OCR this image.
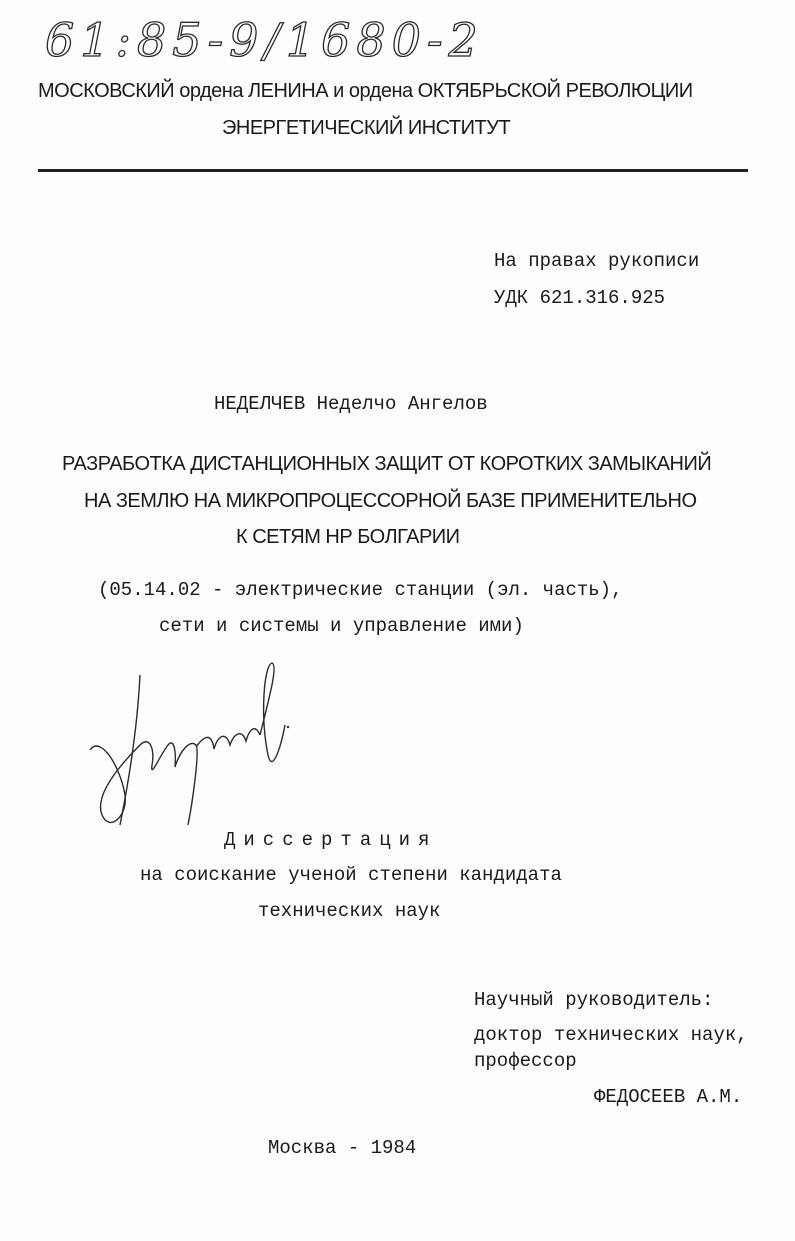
61:85-9/1680-2
МОСКОВСКИЙ ордена ЛЕНИНА и ордена ОКТЯБРЬСКОЙ РЕВОЛЮЦИИ
ЭНЕРГЕТИЧЕСКИЙ ИНСТИТУТ
На правах рукописи
УДК 621.316.925
НЕДЕЛЧЕВ Неделчо Ангелов
РАЗРАБОТКА ДИСТАНЦИОННЫХ ЗАЩИТ ОТ КОРОТКИХ ЗАМЫКАНИЙ
НА ЗЕМЛЮ НА МИКРОПРОЦЕССОРНОЙ БАЗЕ ПРИМЕНИТЕЛЬНО
К СЕТЯМ НР БОЛГАРИИ
(05.14.02 - электрические станции (эл. часть),
сети и системы и управление ими)
Диссертация
на соискание ученой степени кандидата
технических наук
Научный руководитель:
доктор технических наук,
профессор
ФЕДОСЕЕВ А.М.
Москва - 1984
